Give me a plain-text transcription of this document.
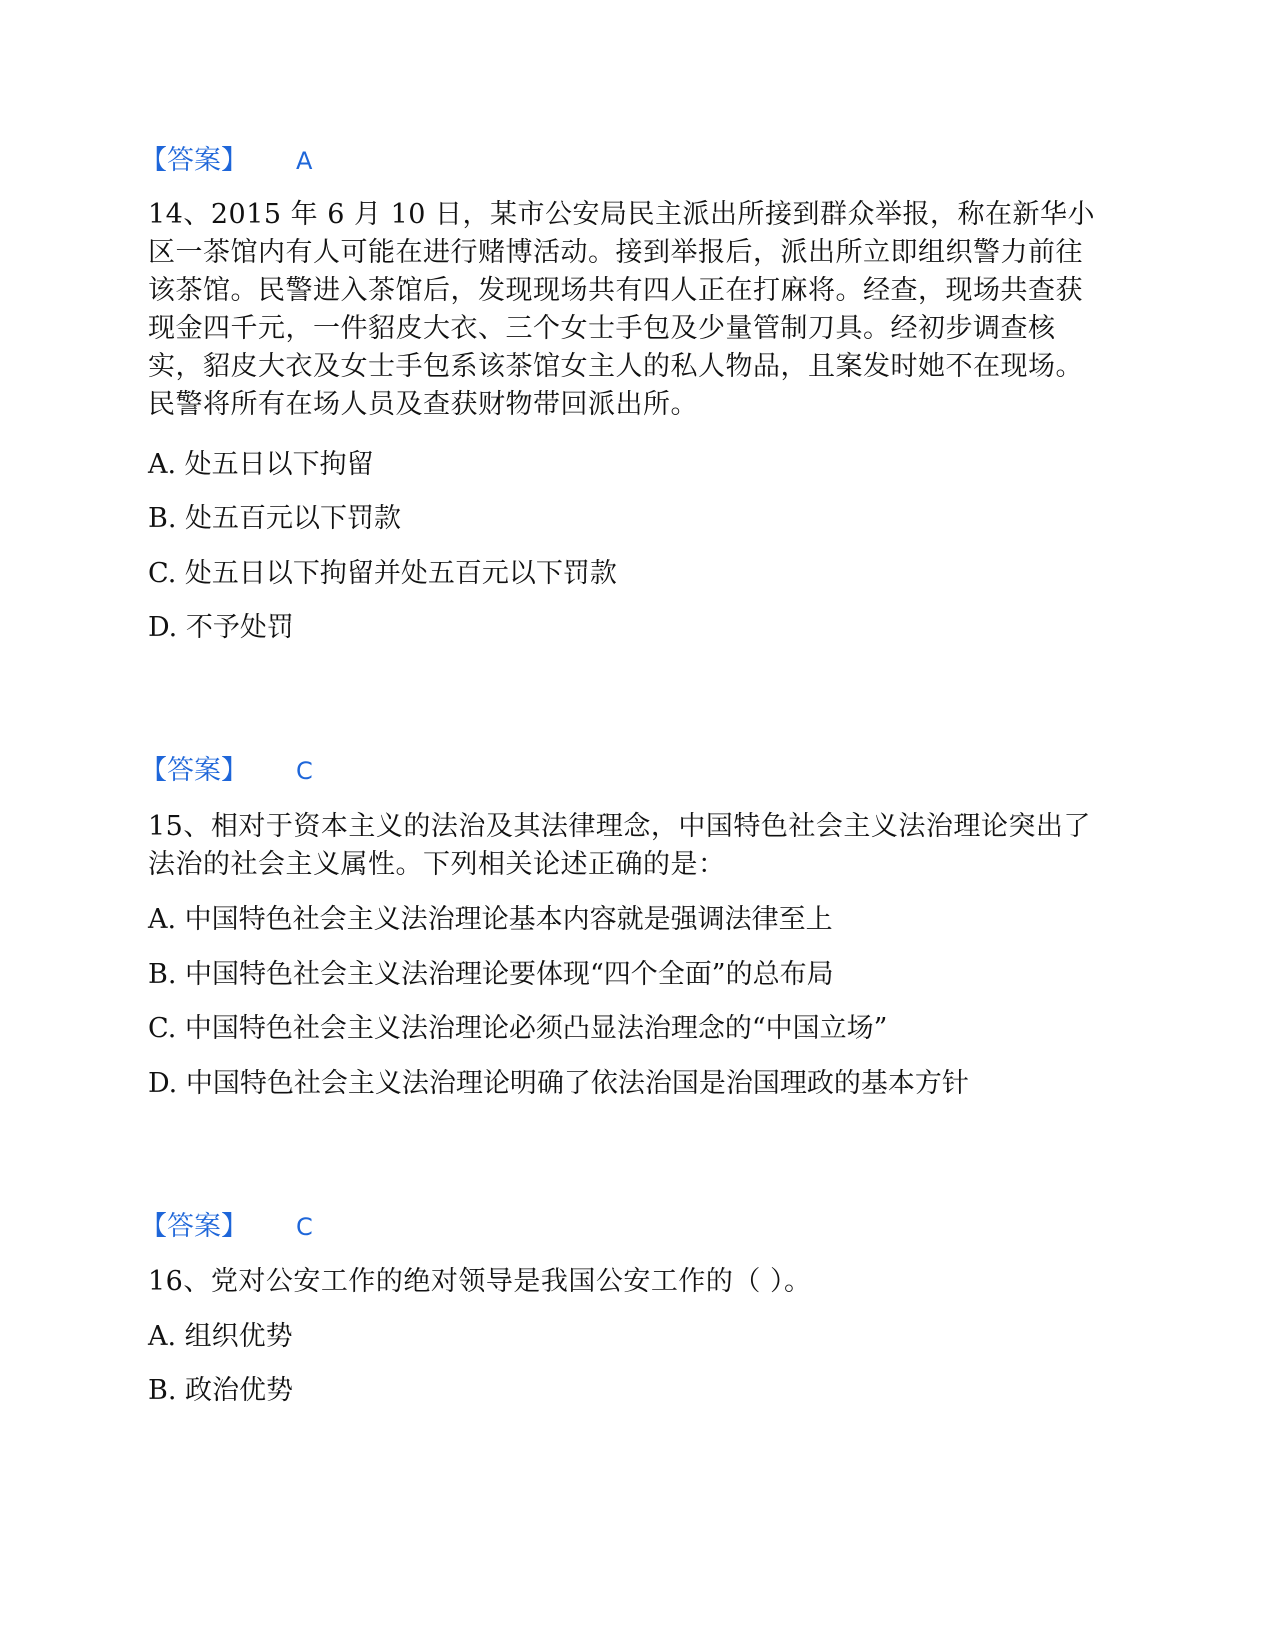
【答案】 A
14、2015 年 6 月 10 日，某市公安局民主派出所接到群众举报，称在新华小区一茶馆内有人可能在进行赌博活动。接到举报后，派出所立即组织警力前往该茶馆。民警进入茶馆后，发现现场共有四人正在打麻将。经查，现场共查获现金四千元，一件貂皮大衣、三个女士手包及少量管制刀具。经初步调查核实，貂皮大衣及女士手包系该茶馆女主人的私人物品，且案发时她不在现场。民警将所有在场人员及查获财物带回派出所。
A. 处五日以下拘留
B. 处五百元以下罚款
C. 处五日以下拘留并处五百元以下罚款
D. 不予处罚
【答案】 C
15、相对于资本主义的法治及其法律理念，中国特色社会主义法治理论突出了法治的社会主义属性。下列相关论述正确的是：
A. 中国特色社会主义法治理论基本内容就是强调法律至上
B. 中国特色社会主义法治理论要体现“四个全面”的总布局
C. 中国特色社会主义法治理论必须凸显法治理念的“中国立场”
D. 中国特色社会主义法治理论明确了依法治国是治国理政的基本方针
【答案】 C
16、党对公安工作的绝对领导是我国公安工作的（ ）。
A. 组织优势
B. 政治优势
